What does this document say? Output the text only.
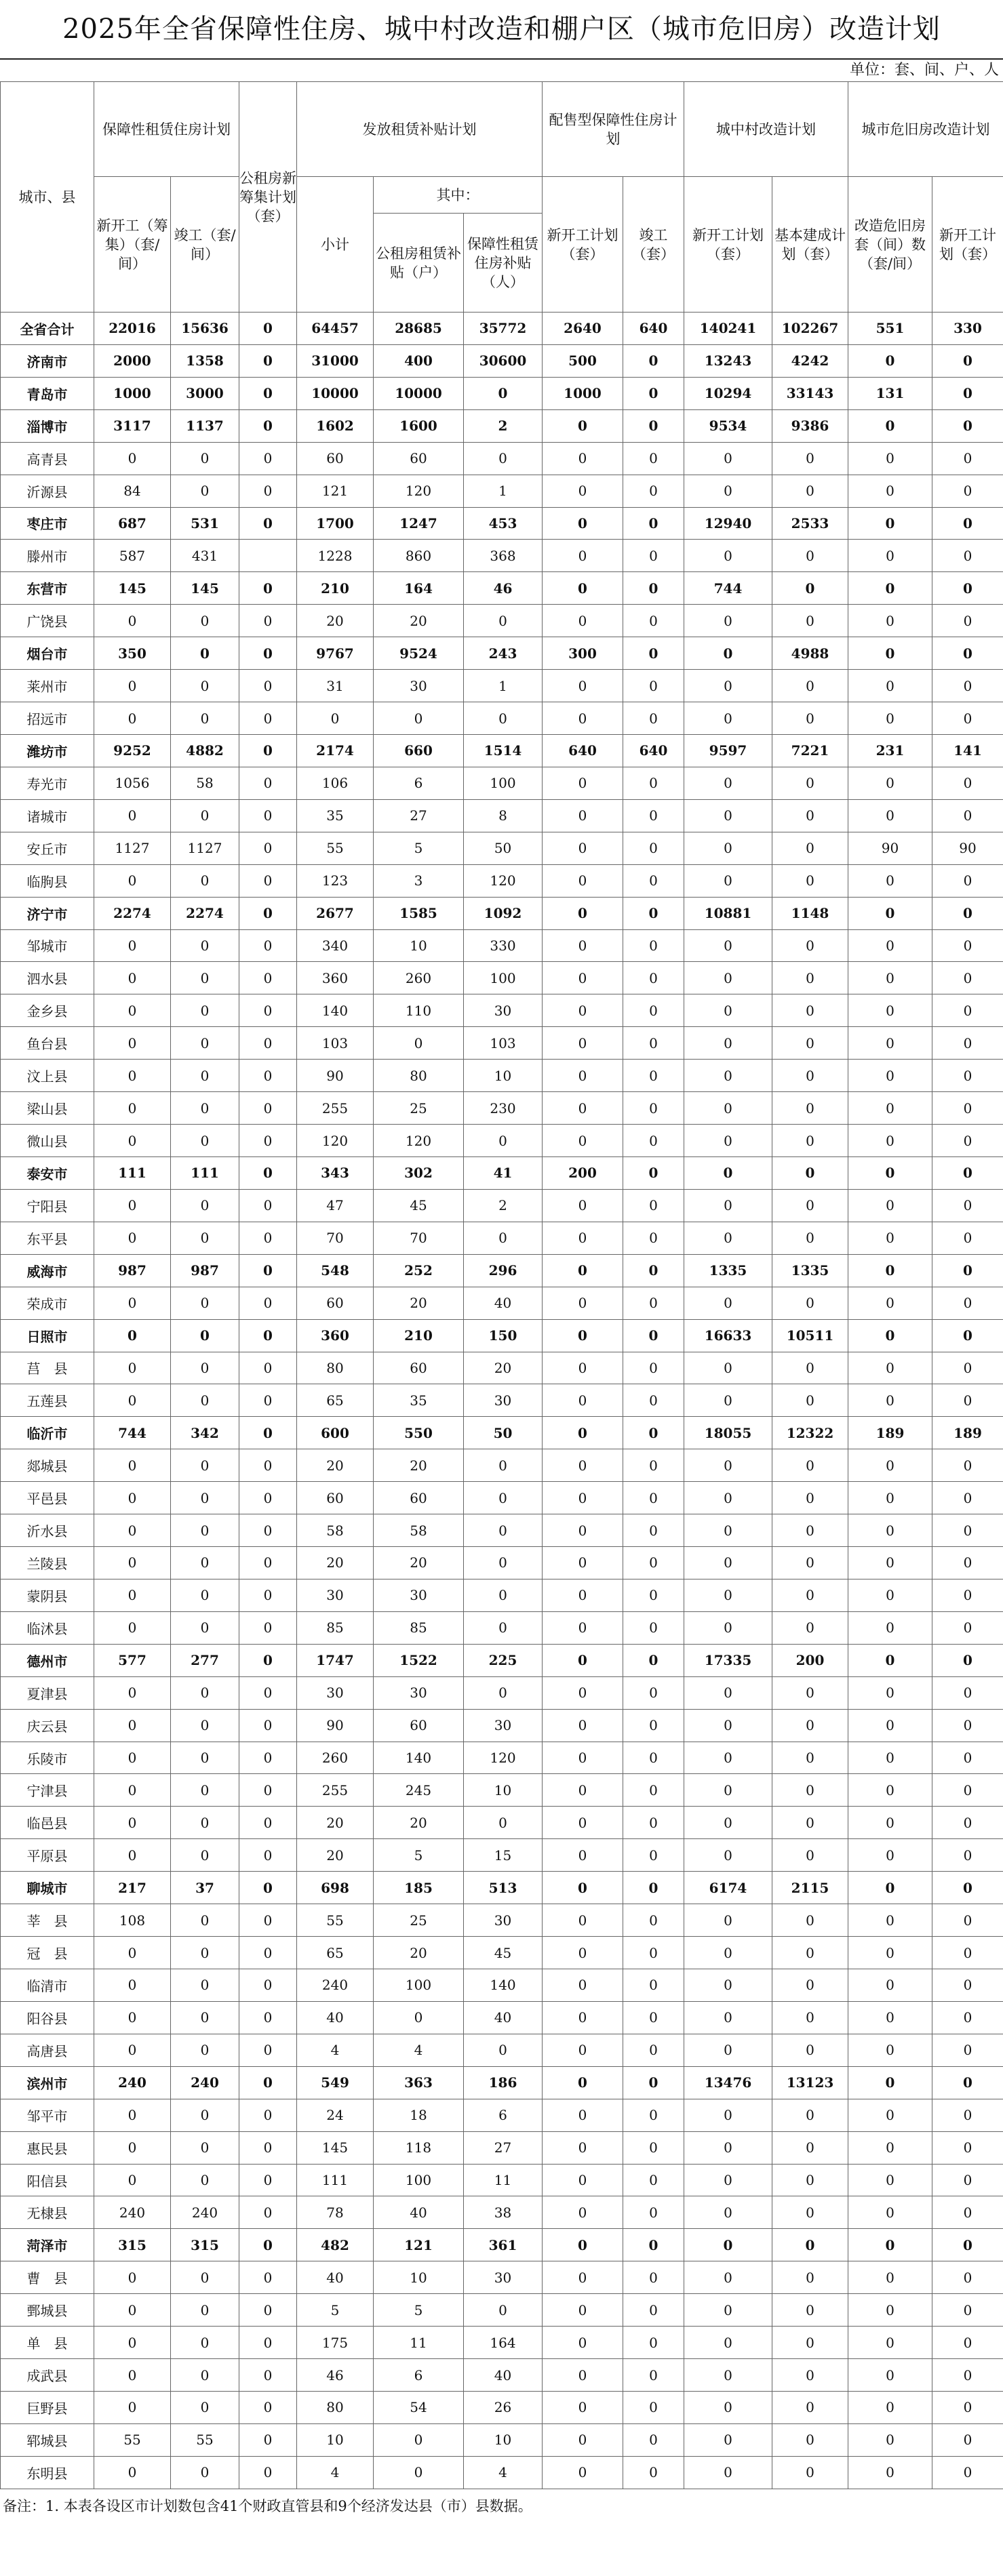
2025年全省保障性住房、城中村改造和棚户区（城市危旧房）改造计划
单位：套、间、户、人
城市、县	保障性租赁住房计划		公租房新筹集计划（套）	发放租赁补贴计划			配售型保障性住房计划		城中村改造计划		城市危旧房改造计划	
	新开工（筹集）（套/间）	竣工（套/间）		小计	其中：		新开工计划（套）	竣工（套）	新开工计划（套）	基本建成计划（套）	改造危旧房套（间）数（套/间）	新开工计划（套）
					公租房租赁补贴（户）	保障性租赁住房补贴（人）						
全省合计	22016	15636	0	64457	28685	35772	2640	640	140241	102267	551	330
济南市	2000	1358	0	31000	400	30600	500	0	13243	4242	0	0
青岛市	1000	3000	0	10000	10000	0	1000	0	10294	33143	131	0
淄博市	3117	1137	0	1602	1600	2	0	0	9534	9386	0	0
高青县	0	0	0	60	60	0	0	0	0	0	0	0
沂源县	84	0	0	121	120	1	0	0	0	0	0	0
枣庄市	687	531	0	1700	1247	453	0	0	12940	2533	0	0
滕州市	587	431		1228	860	368	0	0	0	0	0	0
东营市	145	145	0	210	164	46	0	0	744	0	0	0
广饶县	0	0	0	20	20	0	0	0	0	0	0	0
烟台市	350	0	0	9767	9524	243	300	0	0	4988	0	0
莱州市	0	0	0	31	30	1	0	0	0	0	0	0
招远市	0	0	0	0	0	0	0	0	0	0	0	0
潍坊市	9252	4882	0	2174	660	1514	640	640	9597	7221	231	141
寿光市	1056	58	0	106	6	100	0	0	0	0	0	0
诸城市	0	0	0	35	27	8	0	0	0	0	0	0
安丘市	1127	1127	0	55	5	50	0	0	0	0	90	90
临朐县	0	0	0	123	3	120	0	0	0	0	0	0
济宁市	2274	2274	0	2677	1585	1092	0	0	10881	1148	0	0
邹城市	0	0	0	340	10	330	0	0	0	0	0	0
泗水县	0	0	0	360	260	100	0	0	0	0	0	0
金乡县	0	0	0	140	110	30	0	0	0	0	0	0
鱼台县	0	0	0	103	0	103	0	0	0	0	0	0
汶上县	0	0	0	90	80	10	0	0	0	0	0	0
梁山县	0	0	0	255	25	230	0	0	0	0	0	0
微山县	0	0	0	120	120	0	0	0	0	0	0	0
泰安市	111	111	0	343	302	41	200	0	0	0	0	0
宁阳县	0	0	0	47	45	2	0	0	0	0	0	0
东平县	0	0	0	70	70	0	0	0	0	0	0	0
威海市	987	987	0	548	252	296	0	0	1335	1335	0	0
荣成市	0	0	0	60	20	40	0	0	0	0	0	0
日照市	0	0	0	360	210	150	0	0	16633	10511	0	0
莒　县	0	0	0	80	60	20	0	0	0	0	0	0
五莲县	0	0	0	65	35	30	0	0	0	0	0	0
临沂市	744	342	0	600	550	50	0	0	18055	12322	189	189
郯城县	0	0	0	20	20	0	0	0	0	0	0	0
平邑县	0	0	0	60	60	0	0	0	0	0	0	0
沂水县	0	0	0	58	58	0	0	0	0	0	0	0
兰陵县	0	0	0	20	20	0	0	0	0	0	0	0
蒙阴县	0	0	0	30	30	0	0	0	0	0	0	0
临沭县	0	0	0	85	85	0	0	0	0	0	0	0
德州市	577	277	0	1747	1522	225	0	0	17335	200	0	0
夏津县	0	0	0	30	30	0	0	0	0	0	0	0
庆云县	0	0	0	90	60	30	0	0	0	0	0	0
乐陵市	0	0	0	260	140	120	0	0	0	0	0	0
宁津县	0	0	0	255	245	10	0	0	0	0	0	0
临邑县	0	0	0	20	20	0	0	0	0	0	0	0
平原县	0	0	0	20	5	15	0	0	0	0	0	0
聊城市	217	37	0	698	185	513	0	0	6174	2115	0	0
莘　县	108	0	0	55	25	30	0	0	0	0	0	0
冠　县	0	0	0	65	20	45	0	0	0	0	0	0
临清市	0	0	0	240	100	140	0	0	0	0	0	0
阳谷县	0	0	0	40	0	40	0	0	0	0	0	0
高唐县	0	0	0	4	4	0	0	0	0	0	0	0
滨州市	240	240	0	549	363	186	0	0	13476	13123	0	0
邹平市	0	0	0	24	18	6	0	0	0	0	0	0
惠民县	0	0	0	145	118	27	0	0	0	0	0	0
阳信县	0	0	0	111	100	11	0	0	0	0	0	0
无棣县	240	240	0	78	40	38	0	0	0	0	0	0
菏泽市	315	315	0	482	121	361	0	0	0	0	0	0
曹　县	0	0	0	40	10	30	0	0	0	0	0	0
鄄城县	0	0	0	5	5	0	0	0	0	0	0	0
单　县	0	0	0	175	11	164	0	0	0	0	0	0
成武县	0	0	0	46	6	40	0	0	0	0	0	0
巨野县	0	0	0	80	54	26	0	0	0	0	0	0
郓城县	55	55	0	10	0	10	0	0	0	0	0	0
东明县	0	0	0	4	0	4	0	0	0	0	0	0
备注：1. 本表各设区市计划数包含41个财政直管县和9个经济发达县（市）县数据。
